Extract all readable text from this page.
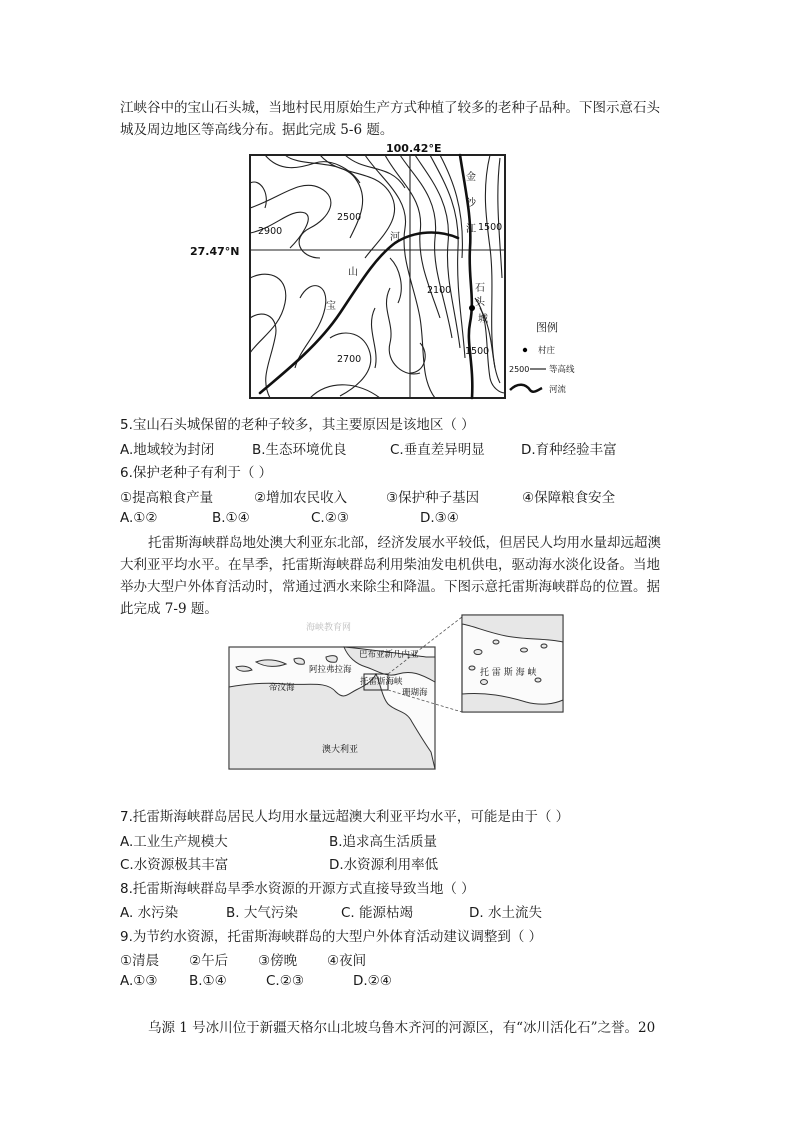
江峡谷中的宝山石头城，当地村民用原始生产方式种植了较多的老种子品种。下图示意石头
城及周边地区等高线分布。据此完成 5-6 题。
100.42°E
27.47°N
2900
2500
2100
2700
1500
1500
金
沙
江
宝
山
河
石
头
城
图例
村庄
2500 等高线
河流
5.宝山石头城保留的老种子较多，其主要原因是该地区（ ）
A.地域较为封闭	B.生态环境优良	C.垂直差异明显	D.育种经验丰富
6.保护老种子有利于（ ）
①提高粮食产量	②增加农民收入	③保护种子基因	④保障粮食安全
A.①②	B.①④	C.②③	D.③④
托雷斯海峡群岛地处澳大利亚东北部，经济发展水平较低，但居民人均用水量却远超澳
大利亚平均水平。在旱季，托雷斯海峡群岛利用柴油发电机供电，驱动海水淡化设备。当地
举办大型户外体育活动时，常通过洒水来除尘和降温。下图示意托雷斯海峡群岛的位置。据
此完成 7-9 题。
海峡教育网
巴布亚新几内亚
阿拉弗拉海
帝汶海
托雷斯海峡
珊瑚海
澳大利亚
托 雷 斯 海 峡
7.托雷斯海峡群岛居民人均用水量远超澳大利亚平均水平，可能是由于（ ）
A.工业生产规模大	B.追求高生活质量
C.水资源极其丰富	D.水资源利用率低
8.托雷斯海峡群岛旱季水资源的开源方式直接导致当地（ ）
A. 水污染	B. 大气污染	C. 能源枯竭	D. 水土流失
9.为节约水资源，托雷斯海峡群岛的大型户外体育活动建议调整到（ ）
①清晨 ②午后 ③傍晚 ④夜间
A.①③ B.①④	C.②③	D.②④
乌源 1 号冰川位于新疆天格尔山北坡乌鲁木齐河的河源区，有“冰川活化石”之誉。20
